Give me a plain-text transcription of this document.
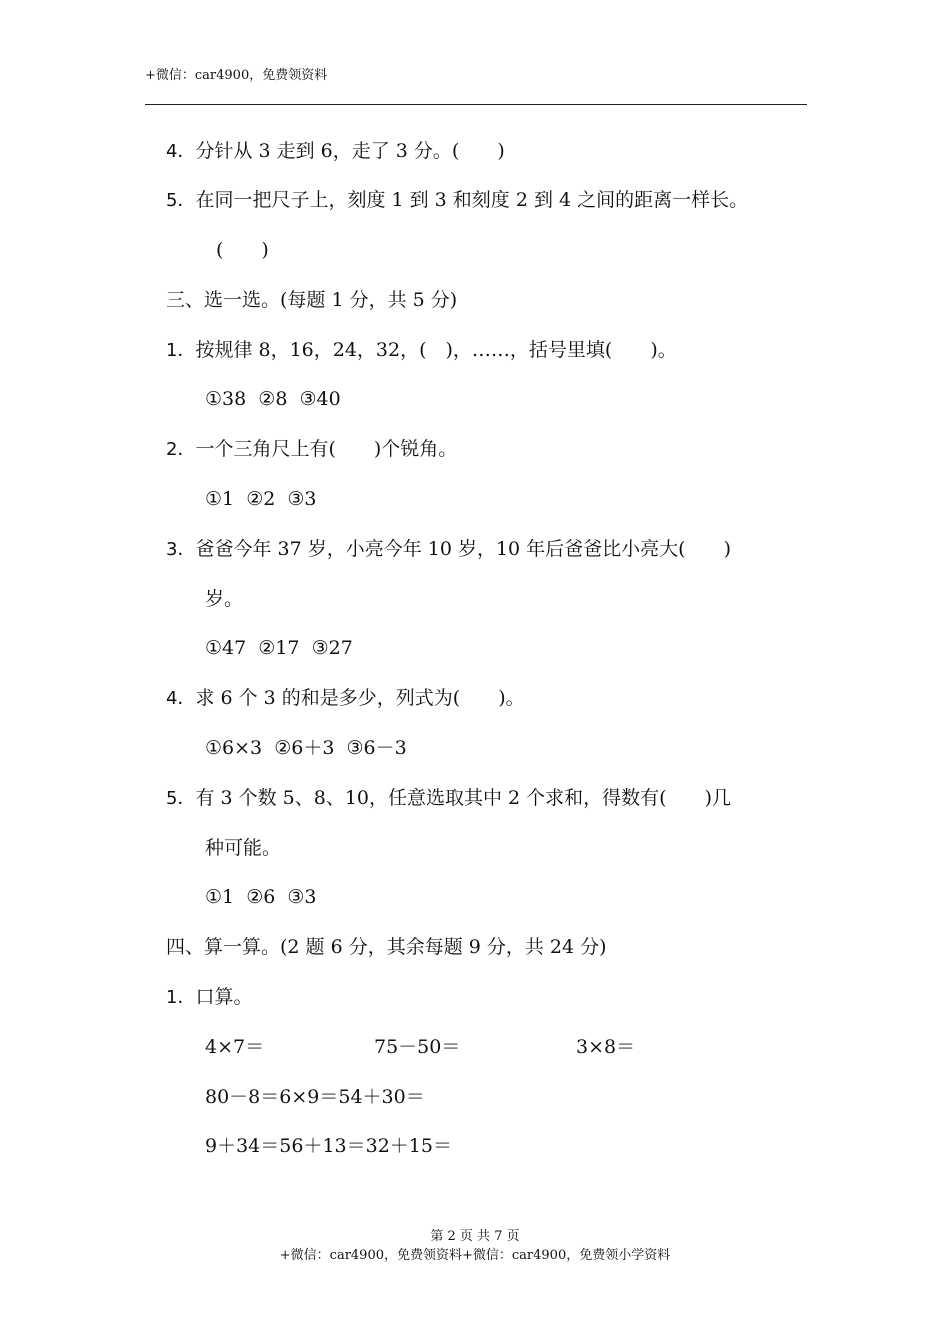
+微信：car4900，免费领资料
4．分针从 3 走到 6，走了 3 分。(　　)
5．在同一把尺子上，刻度 1 到 3 和刻度 2 到 4 之间的距离一样长。
(　　)
三、选一选。(每题 1 分，共 5 分)
1．按规律 8，16，24，32，(　)，……，括号里填(　　)。
①38  ②8  ③40
2．一个三角尺上有(　　)个锐角。
①1  ②2  ③3
3．爸爸今年 37 岁，小亮今年 10 岁，10 年后爸爸比小亮大(　　)
岁。
①47  ②17  ③27
4．求 6 个 3 的和是多少，列式为(　　)。
①6×3  ②6＋3  ③6－3
5．有 3 个数 5、8、10，任意选取其中 2 个求和，得数有(　　)几
种可能。
①1  ②6  ③3
四、算一算。(2 题 6 分，其余每题 9 分，共 24 分)
1．口算。
4×7＝	75－50＝	3×8＝
80－8＝6×9＝54＋30＝
9＋34＝56＋13＝32＋15＝
第 2 页 共 7 页
+微信：car4900，免费领资料+微信：car4900，免费领小学资料
